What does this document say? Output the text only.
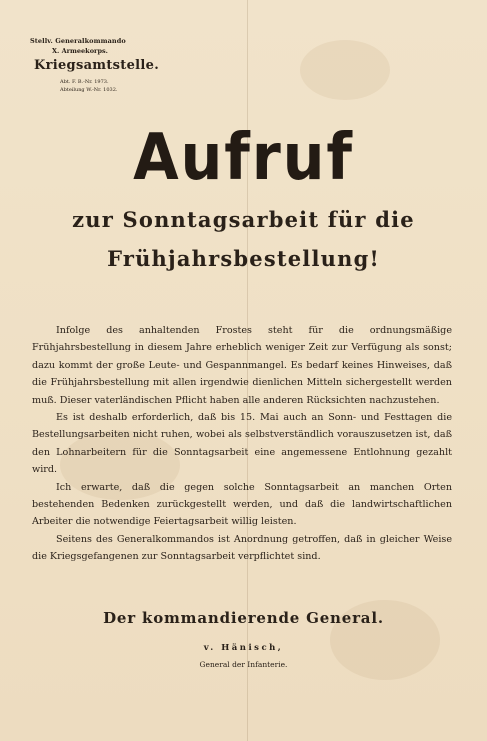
Stellv. Generalkommando
X. Armeekorps.
Kriegsamtstelle.
Abt. F. B.-Nr. 1973.
Abteilung W.-Nr. 1032.
Aufruf
zur Sonntagsarbeit für die
Frühjahrsbestellung!

Infolge des anhaltenden Frostes steht für die ordnungsmäßige Frühjahrsbestellung in diesem Jahre erheblich weniger Zeit zur Verfügung als sonst; dazu kommt der große Leute- und Gespannmangel. Es bedarf keines Hinweises, daß die Frühjahrsbestellung mit allen irgendwie dienlichen Mitteln sichergestellt werden muß. Dieser vaterländischen Pflicht haben alle anderen Rücksichten nachzustehen.

Es ist deshalb erforderlich, daß bis 15. Mai auch an Sonn- und Festtagen die Bestellungsarbeiten nicht ruhen, wobei als selbstverständlich vorauszusetzen ist, daß den Lohnarbeitern für die Sonntagsarbeit eine angemessene Entlohnung gezahlt wird.

Ich erwarte, daß die gegen solche Sonntagsarbeit an manchen Orten bestehenden Bedenken zurückgestellt werden, und daß die landwirtschaftlichen Arbeiter die notwendige Feiertagsarbeit willig leisten.

Seitens des Generalkommandos ist Anordnung getroffen, daß in gleicher Weise die Kriegsgefangenen zur Sonntagsarbeit verpflichtet sind.

Der kommandierende General.
v. Hänisch,
General der Infanterie.
